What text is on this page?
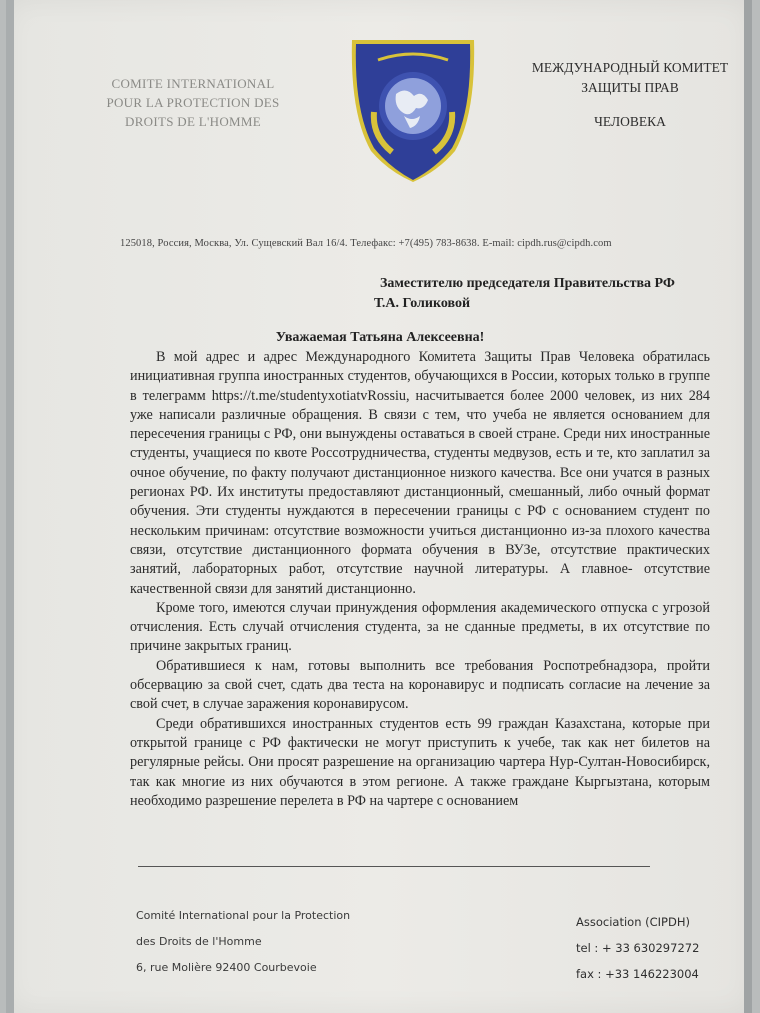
COMITE INTERNATIONAL
POUR LA PROTECTION DES
DROITS DE L'HOMME
МЕЖДУНАРОДНЫЙ КОМИТЕТ
ЗАЩИТЫ ПРАВ
ЧЕЛОВЕКА
125018, Россия, Москва, Ул. Сущевский Вал 16/4. Телефакс: +7(495) 783-8638. E-mail: cipdh.rus@cipdh.com
Заместителю председателя Правительства РФ
Т.А. Голиковой
Уважаемая Татьяна Алексеевна!

В мой адрес и адрес Международного Комитета Защиты Прав Человека обратилась инициативная группа иностранных студентов, обучающихся в России, которых только в группе в телеграмм https://t.me/studentyxotiatvRossiu, насчитывается более 2000 человек, из них 284 уже написали различные обращения. В связи с тем, что учеба не является основанием для пересечения границы с РФ, они вынуждены оставаться в своей стране. Среди них иностранные студенты, учащиеся по квоте Россотрудничества, студенты медвузов, есть и те, кто заплатил за очное обучение, по факту получают дистанционное низкого качества. Все они учатся в разных регионах РФ. Их институты предоставляют дистанционный, смешанный, либо очный формат обучения. Эти студенты нуждаются в пересечении границы с РФ с основанием студент по нескольким причинам: отсутствие возможности учиться дистанционно из-за плохого качества связи, отсутствие дистанционного формата обучения в ВУЗе, отсутствие практических занятий, лабораторных работ, отсутствие научной литературы. А главное- отсутствие качественной связи для занятий дистанционно.

Кроме того, имеются случаи принуждения оформления академического отпуска с угрозой отчисления. Есть случай отчисления студента, за не сданные предметы, в их отсутствие по причине закрытых границ.

Обратившиеся к нам, готовы выполнить все требования Роспотребнадзора, пройти обсервацию за свой счет, сдать два теста на коронавирус и подписать согласие на лечение за свой счет, в случае заражения коронавирусом.

Среди обратившихся иностранных студентов есть 99 граждан Казахстана, которые при открытой границе с РФ фактически не могут приступить к учебе, так как нет билетов на регулярные рейсы. Они просят разрешение на организацию чартера Нур-Султан-Новосибирск, так как многие из них обучаются в этом регионе. А также граждане Кыргызтана, которым необходимо разрешение перелета в РФ на чартере с основанием

Comité International pour la Protection
des Droits de l'Homme
6, rue Molière 92400 Courbevoie
Association (CIPDH)
tel : + 33 630297272
fax : +33 146223004
